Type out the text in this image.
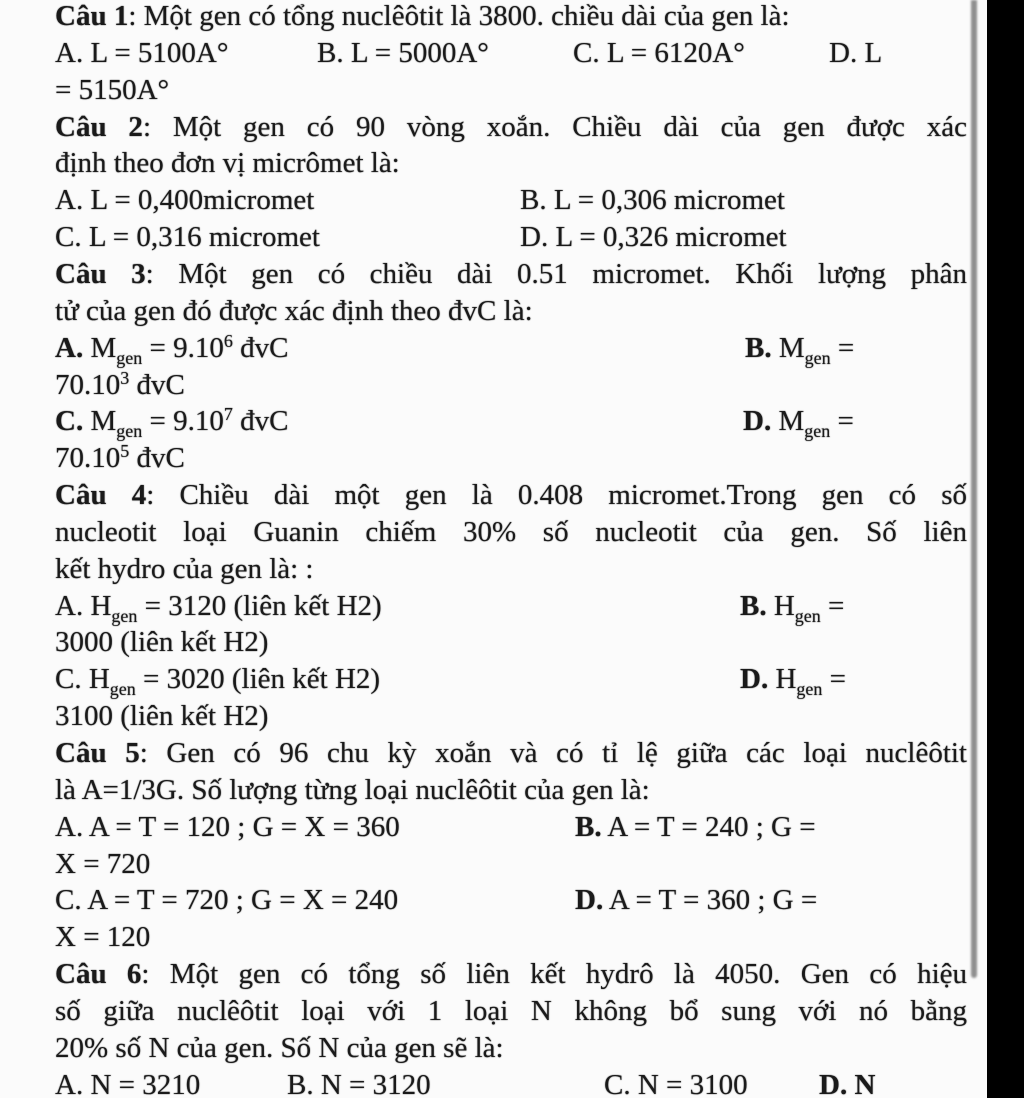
Câu 1: Một gen có tổng nuclêôtit là 3800. chiều dài của gen là:
A. L = 5100A°	B. L = 5000A°	C. L = 6120A°	D. L
= 5150A°
Câu 2: Một gen có 90 vòng xoắn. Chiều dài của gen được xác
định theo đơn vị micrômet là:
A. L = 0,400micromet	B. L = 0,306 micromet
C. L = 0,316 micromet	D. L = 0,326 micromet
Câu 3: Một gen có chiều dài 0.51 micromet. Khối lượng phân
tử của gen đó được xác định theo đvC là:
A. $M_{gen} = 9.10^6$ đvC	B. $M_{gen}$ =
$70.10^3$ đvC
C. $M_{gen} = 9.10^7$ đvC	D. $M_{gen}$ =
$70.10^5$ đvC
Câu 4: Chiều dài một gen là 0.408 micromet.Trong gen có số
nucleotit loại Guanin chiếm 30% số nucleotit của gen. Số liên
kết hydro của gen là: :
A. $H_{gen} = 3120$ (liên kết H2)	B. $H_{gen}$ =
3000 (liên kết H2)
C. $H_{gen} = 3020$ (liên kết H2)	D. $H_{gen}$ =
3100 (liên kết H2)
Câu 5: Gen có 96 chu kỳ xoắn và có tỉ lệ giữa các loại nuclêôtit
là A=1/3G. Số lượng từng loại nuclêôtit của gen là:
A. A = T = 120 ; G = X = 360	B. A = T = 240 ; G =
X = 720
C. A = T = 720 ; G = X = 240	D. A = T = 360 ; G =
X = 120
Câu 6: Một gen có tổng số liên kết hydrô là 4050. Gen có hiệu
số giữa nuclêôtit loại với 1 loại N không bổ sung với nó bằng
20% số N của gen. Số N của gen sẽ là:
A. N = 3210	B. N = 3120	C. N = 3100 D. N
